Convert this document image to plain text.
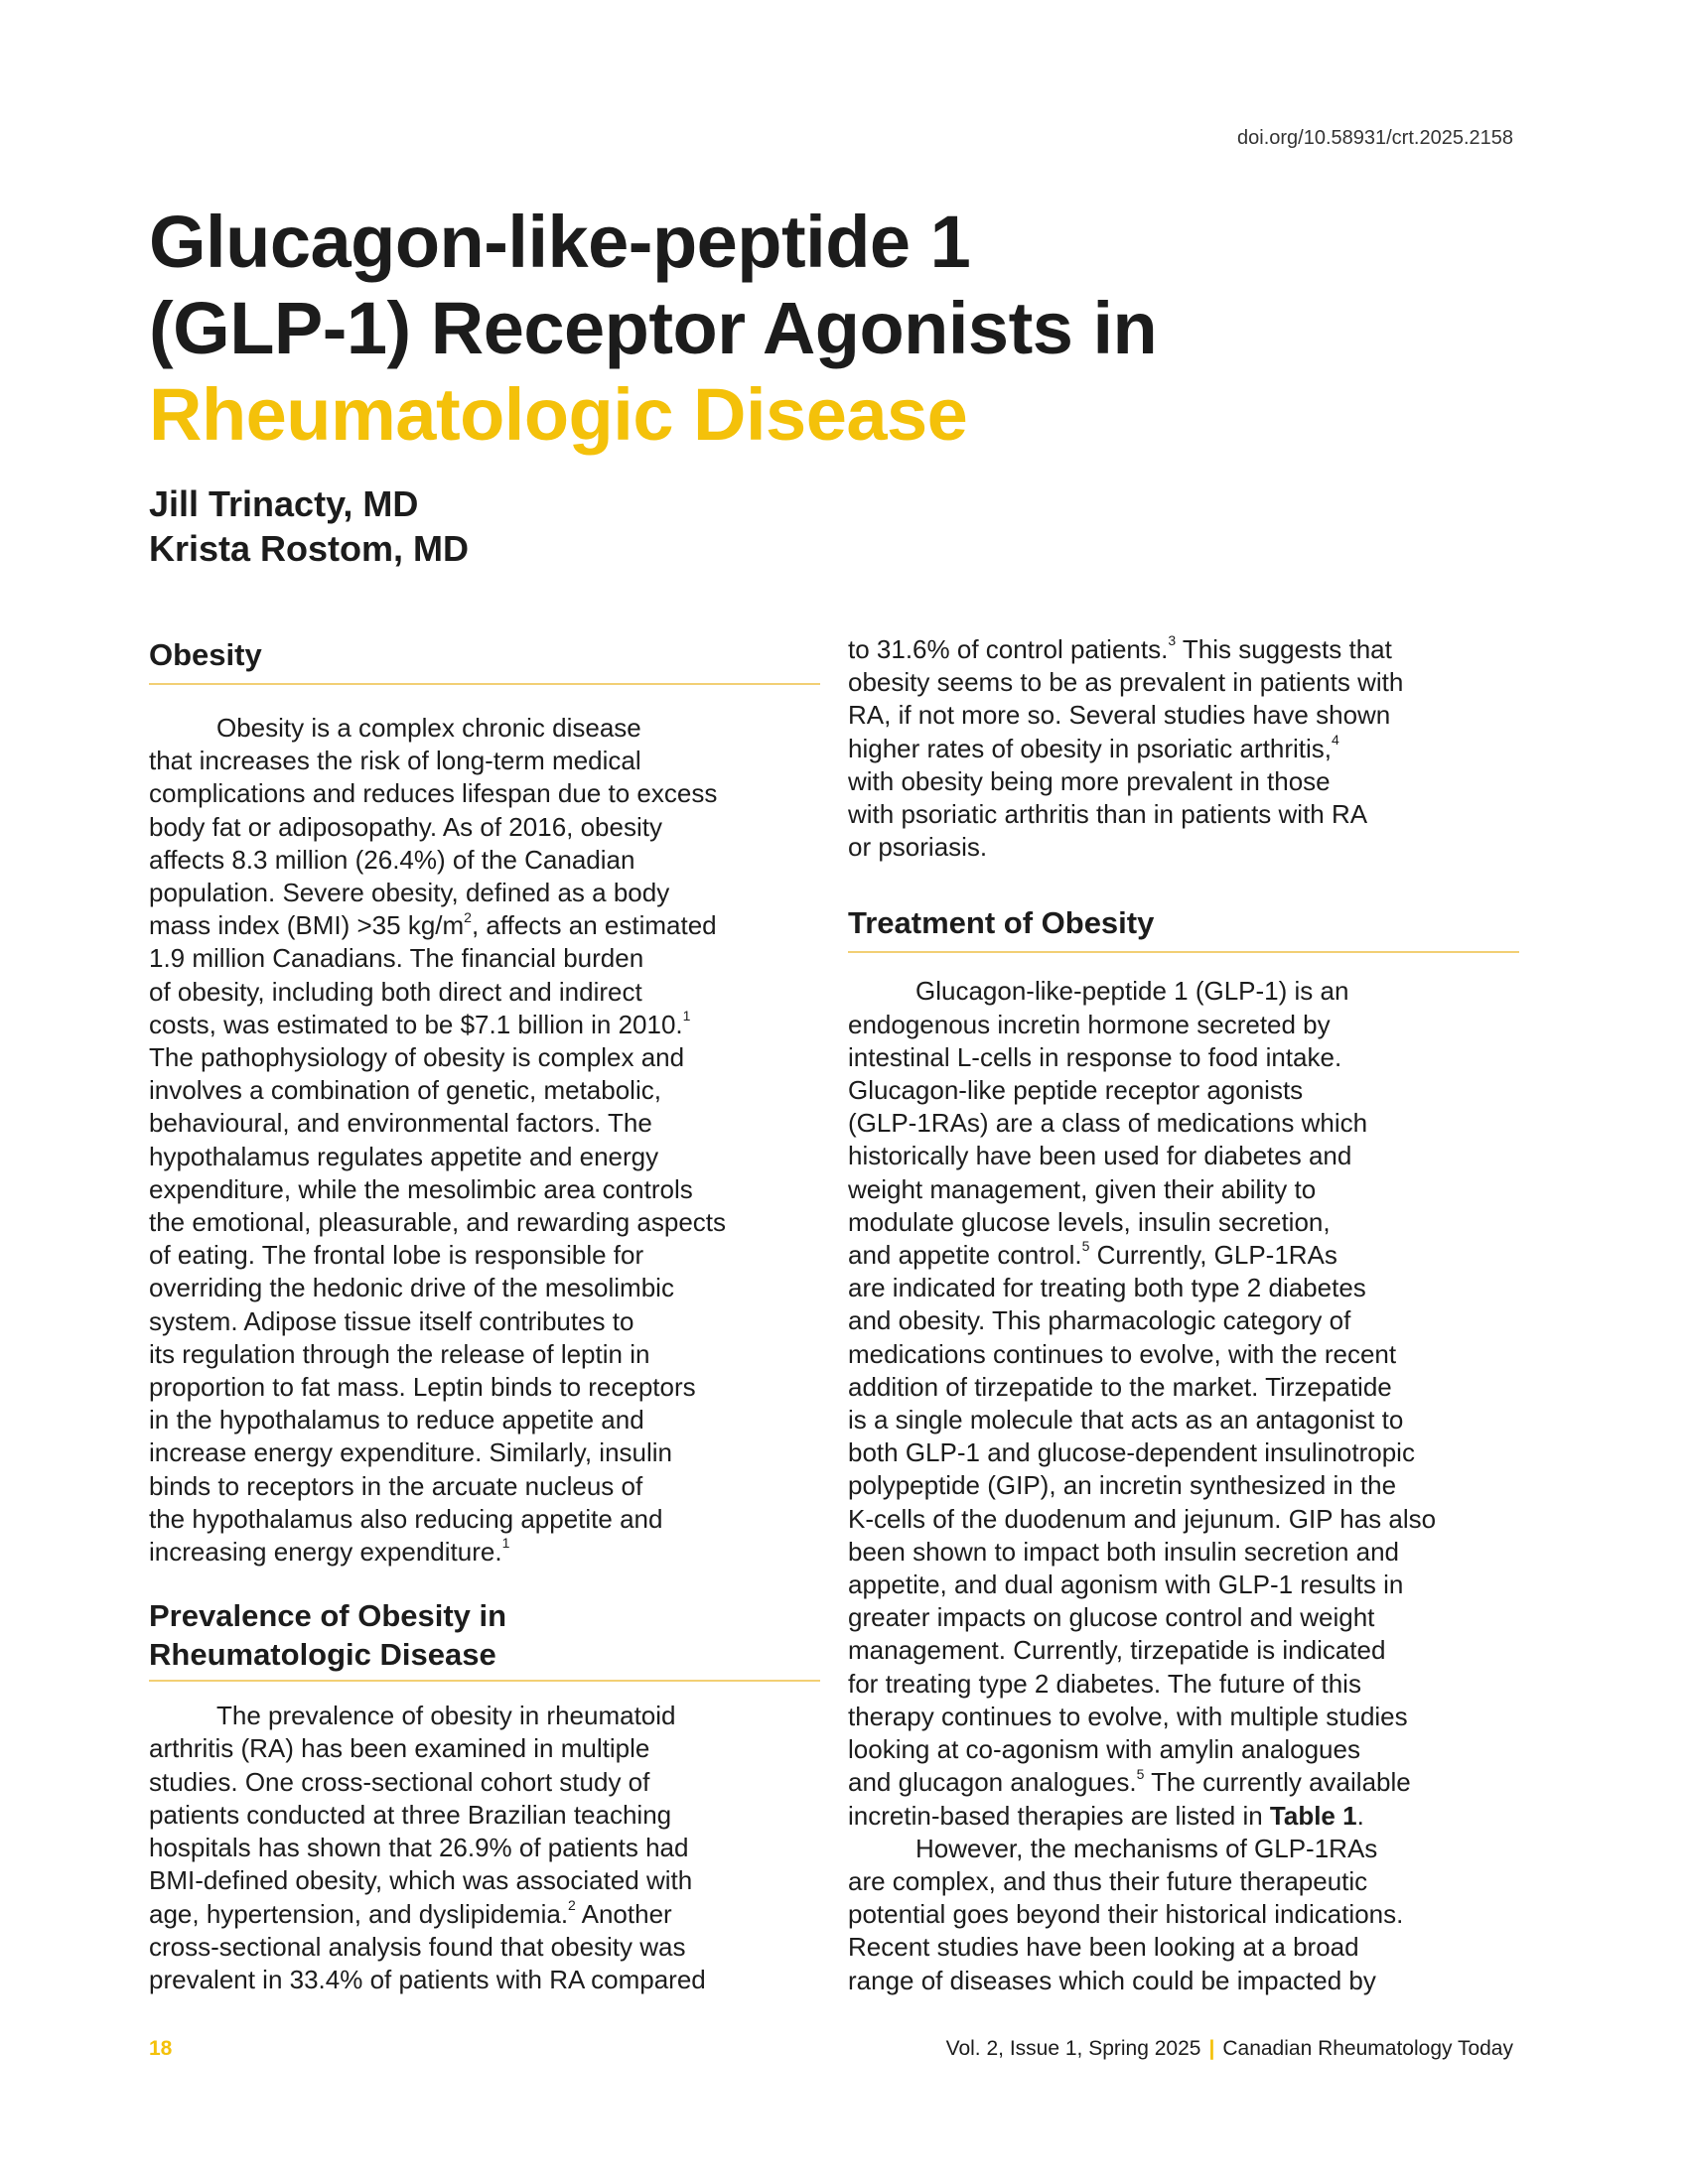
doi.org/10.58931/crt.2025.2158
Glucagon-like-peptide 1
(GLP-1) Receptor Agonists in
Rheumatologic Disease
Jill Trinacty, MD
Krista Rostom, MD
Obesity
Obesity is a complex chronic disease
that increases the risk of long-term medical
complications and reduces lifespan due to excess
body fat or adiposopathy. As of 2016, obesity
affects 8.3 million (26.4%) of the Canadian
population. Severe obesity, defined as a body
mass index (BMI) >35 $kg/m^2$, affects an estimated
1.9 million Canadians. The financial burden
of obesity, including both direct and indirect
costs, was estimated to be $7.1 billion in 2010.$^1$
The pathophysiology of obesity is complex and
involves a combination of genetic, metabolic,
behavioural, and environmental factors. The
hypothalamus regulates appetite and energy
expenditure, while the mesolimbic area controls
the emotional, pleasurable, and rewarding aspects
of eating. The frontal lobe is responsible for
overriding the hedonic drive of the mesolimbic
system. Adipose tissue itself contributes to
its regulation through the release of leptin in
proportion to fat mass. Leptin binds to receptors
in the hypothalamus to reduce appetite and
increase energy expenditure. Similarly, insulin
binds to receptors in the arcuate nucleus of
the hypothalamus also reducing appetite and
increasing energy expenditure.$^1$
Prevalence of Obesity in
Rheumatologic Disease
The prevalence of obesity in rheumatoid
arthritis (RA) has been examined in multiple
studies. One cross-sectional cohort study of
patients conducted at three Brazilian teaching
hospitals has shown that 26.9% of patients had
BMI-defined obesity, which was associated with
age, hypertension, and dyslipidemia.$^2$ Another
cross-sectional analysis found that obesity was
prevalent in 33.4% of patients with RA compared
to 31.6% of control patients.$^3$ This suggests that
obesity seems to be as prevalent in patients with
RA, if not more so. Several studies have shown
higher rates of obesity in psoriatic arthritis,$^4$
with obesity being more prevalent in those
with psoriatic arthritis than in patients with RA
or psoriasis.
Treatment of Obesity
Glucagon-like-peptide 1 (GLP-1) is an
endogenous incretin hormone secreted by
intestinal L-cells in response to food intake.
Glucagon-like peptide receptor agonists
(GLP-1RAs) are a class of medications which
historically have been used for diabetes and
weight management, given their ability to
modulate glucose levels, insulin secretion,
and appetite control.$^5$ Currently, GLP-1RAs
are indicated for treating both type 2 diabetes
and obesity. This pharmacologic category of
medications continues to evolve, with the recent
addition of tirzepatide to the market. Tirzepatide
is a single molecule that acts as an antagonist to
both GLP-1 and glucose-dependent insulinotropic
polypeptide (GIP), an incretin synthesized in the
K-cells of the duodenum and jejunum. GIP has also
been shown to impact both insulin secretion and
appetite, and dual agonism with GLP-1 results in
greater impacts on glucose control and weight
management. Currently, tirzepatide is indicated
for treating type 2 diabetes. The future of this
therapy continues to evolve, with multiple studies
looking at co-agonism with amylin analogues
and glucagon analogues.$^5$ The currently available
incretin-based therapies are listed in Table 1.
However, the mechanisms of GLP-1RAs
are complex, and thus their future therapeutic
potential goes beyond their historical indications.
Recent studies have been looking at a broad
range of diseases which could be impacted by
18	Vol. 2, Issue 1, Spring 2025 | Canadian Rheumatology Today
